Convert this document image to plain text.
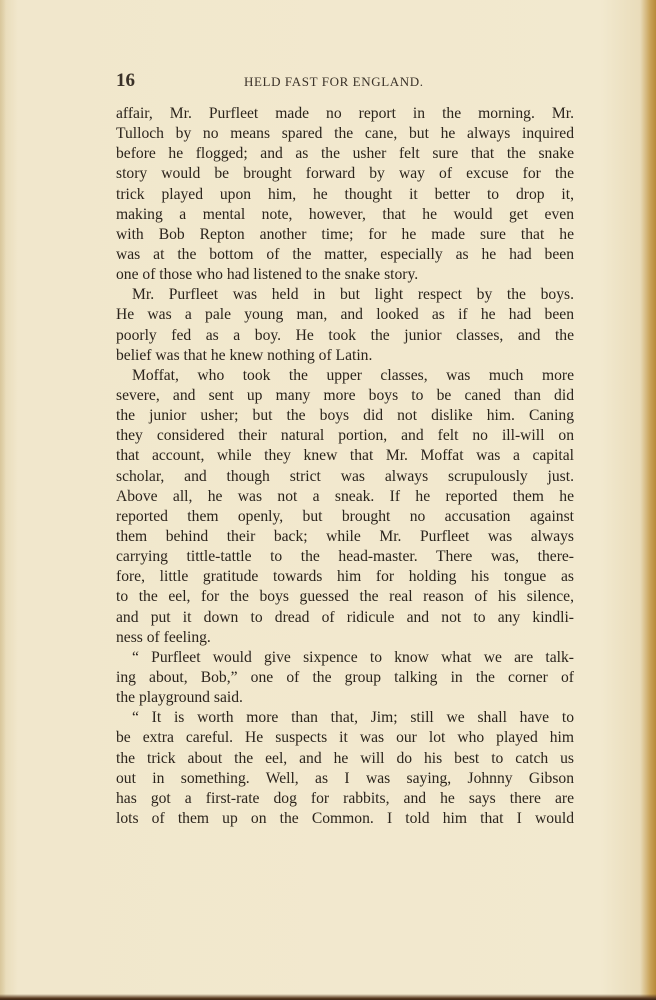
16	HELD FAST FOR ENGLAND.
affair, Mr. Purfleet made no report in the morning. Mr.
Tulloch by no means spared the cane, but he always inquired
before he flogged; and as the usher felt sure that the snake
story would be brought forward by way of excuse for the
trick played upon him, he thought it better to drop it,
making a mental note, however, that he would get even
with Bob Repton another time; for he made sure that he
was at the bottom of the matter, especially as he had been
one of those who had listened to the snake story.
Mr. Purfleet was held in but light respect by the boys.
He was a pale young man, and looked as if he had been
poorly fed as a boy. He took the junior classes, and the
belief was that he knew nothing of Latin.
Moffat, who took the upper classes, was much more
severe, and sent up many more boys to be caned than did
the junior usher; but the boys did not dislike him. Caning
they considered their natural portion, and felt no ill-will on
that account, while they knew that Mr. Moffat was a capital
scholar, and though strict was always scrupulously just.
Above all, he was not a sneak. If he reported them he
reported them openly, but brought no accusation against
them behind their back; while Mr. Purfleet was always
carrying tittle-tattle to the head-master. There was, there-
fore, little gratitude towards him for holding his tongue as
to the eel, for the boys guessed the real reason of his silence,
and put it down to dread of ridicule and not to any kindli-
ness of feeling.
“ Purfleet would give sixpence to know what we are talk-
ing about, Bob,” one of the group talking in the corner of
the playground said.
“ It is worth more than that, Jim; still we shall have to
be extra careful. He suspects it was our lot who played him
the trick about the eel, and he will do his best to catch us
out in something. Well, as I was saying, Johnny Gibson
has got a first-rate dog for rabbits, and he says there are
lots of them up on the Common. I told him that I would
